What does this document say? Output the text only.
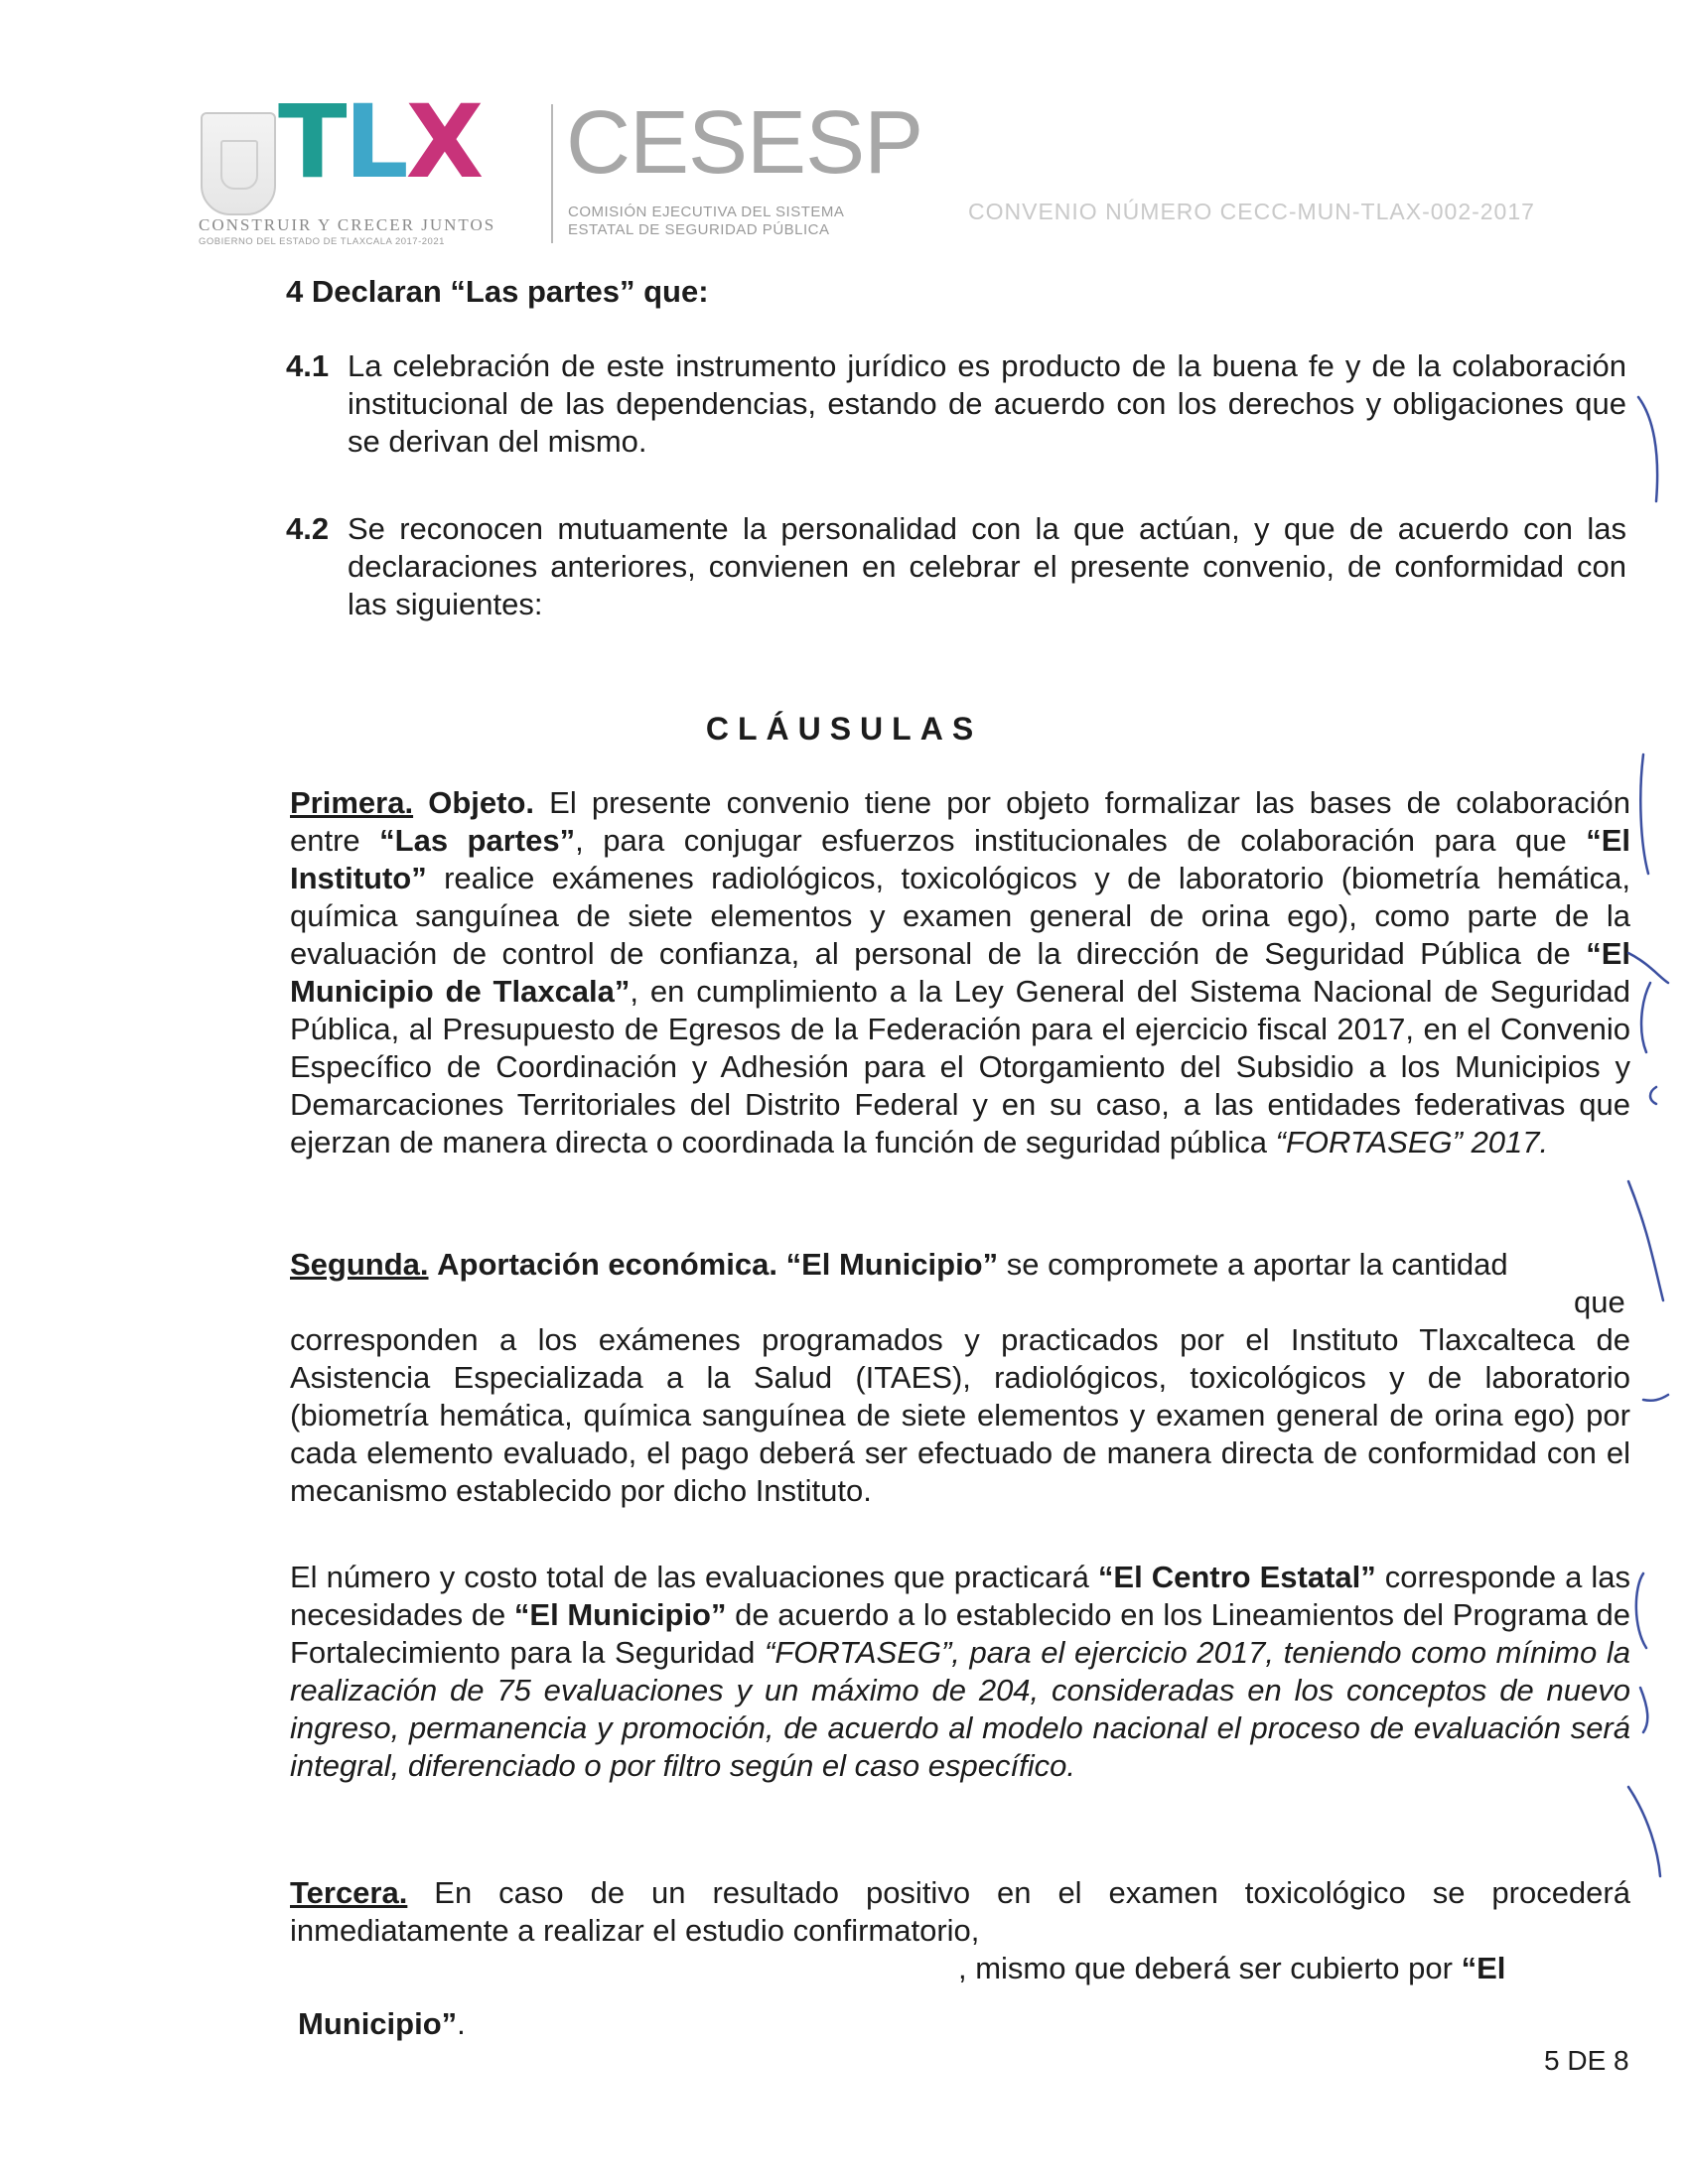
TLX
CONSTRUIR Y CRECER JUNTOS
GOBIERNO DEL ESTADO DE TLAXCALA 2017-2021
CESESP
COMISIÓN EJECUTIVA DEL SISTEMA
ESTATAL DE SEGURIDAD PÚBLICA
CONVENIO NÚMERO CECC-MUN-TLAX-002-2017
4 Declaran “Las partes” que:
4.1 La celebración de este instrumento jurídico es producto de la buena fe y de la colaboración institucional de las dependencias, estando de acuerdo con los derechos y obligaciones que se derivan del mismo.
4.2 Se reconocen mutuamente la personalidad con la que actúan, y que de acuerdo con las declaraciones anteriores, convienen en celebrar el presente convenio, de conformidad con las siguientes:
CLÁUSULAS
Primera. Objeto. El presente convenio tiene por objeto formalizar las bases de colaboración entre “Las partes”, para conjugar esfuerzos institucionales de colaboración para que “El Instituto” realice exámenes radiológicos, toxicológicos y de laboratorio (biometría hemática, química sanguínea de siete elementos y examen general de orina ego), como parte de la evaluación de control de confianza, al personal de la dirección de Seguridad Pública de “El Municipio de Tlaxcala”, en cumplimiento a la Ley General del Sistema Nacional de Seguridad Pública, al Presupuesto de Egresos de la Federación para el ejercicio fiscal 2017, en el Convenio Específico de Coordinación y Adhesión para el Otorgamiento del Subsidio a los Municipios y Demarcaciones Territoriales del Distrito Federal y en su caso, a las entidades federativas que ejerzan de manera directa o coordinada la función de seguridad pública “FORTASEG” 2017.
Segunda. Aportación económica. “El Municipio” se compromete a aportar la cantidad
que
corresponden a los exámenes programados y practicados por el Instituto Tlaxcalteca de Asistencia Especializada a la Salud (ITAES), radiológicos, toxicológicos y de laboratorio (biometría hemática, química sanguínea de siete elementos y examen general de orina ego) por cada elemento evaluado, el pago deberá ser efectuado de manera directa de conformidad con el mecanismo establecido por dicho Instituto.
El número y costo total de las evaluaciones que practicará “El Centro Estatal” corresponde a las necesidades de “El Municipio” de acuerdo a lo establecido en los Lineamientos del Programa de Fortalecimiento para la Seguridad “FORTASEG”, para el ejercicio 2017, teniendo como mínimo la realización de 75 evaluaciones y un máximo de 204, consideradas en los conceptos de nuevo ingreso, permanencia y promoción, de acuerdo al modelo nacional el proceso de evaluación será integral, diferenciado o por filtro según el caso específico.
Tercera. En caso de un resultado positivo en el examen toxicológico se procederá inmediatamente a realizar el estudio confirmatorio,
, mismo que deberá ser cubierto por “El
Municipio”.
5 DE 8
